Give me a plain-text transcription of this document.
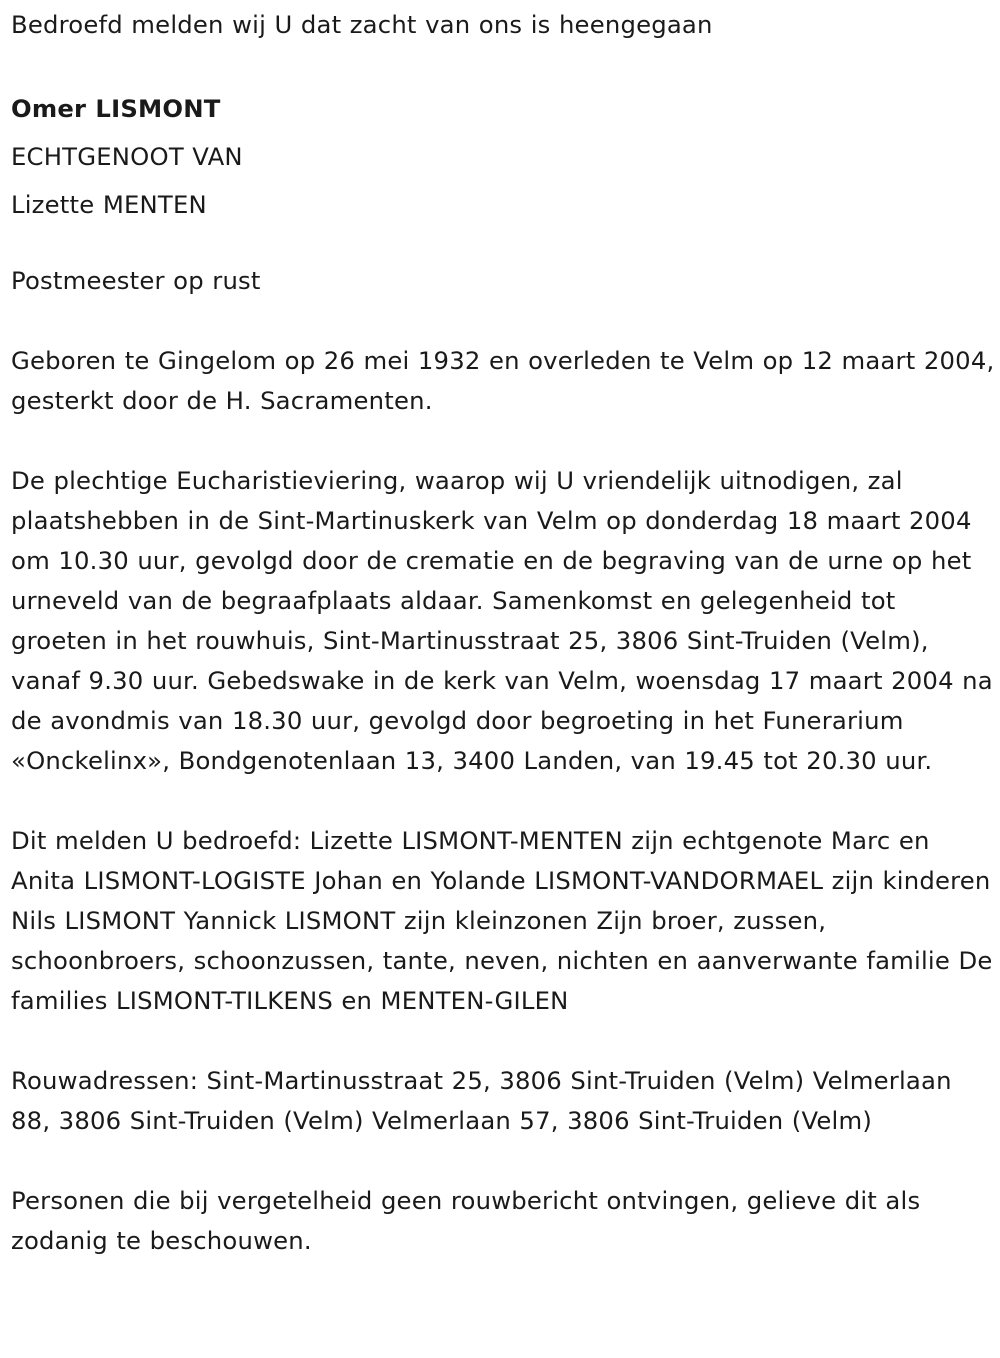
Bedroefd melden wij U dat zacht van ons is heengegaan

Omer LISMONT

ECHTGENOOT VAN

Lizette MENTEN

Postmeester op rust

Geboren te Gingelom op 26 mei 1932 en overleden te Velm op 12 maart 2004, gesterkt door de H. Sacramenten.

De plechtige Eucharistieviering, waarop wij U vriendelijk uitnodigen, zal plaatshebben in de Sint-Martinuskerk van Velm op donderdag 18 maart 2004 om 10.30 uur, gevolgd door de crematie en de begraving van de urne op het urneveld van de begraafplaats aldaar. Samenkomst en gelegenheid tot groeten in het rouwhuis, Sint-Martinusstraat 25, 3806 Sint-Truiden (Velm), vanaf 9.30 uur. Gebedswake in de kerk van Velm, woensdag 17 maart 2004 na de avondmis van 18.30 uur, gevolgd door begroeting in het Funerarium «Onckelinx», Bondgenotenlaan 13, 3400 Landen, van 19.45 tot 20.30 uur.

Dit melden U bedroefd: Lizette LISMONT-MENTEN zijn echtgenote Marc en Anita LISMONT-LOGISTE Johan en Yolande LISMONT-VANDORMAEL zijn kinderen Nils LISMONT Yannick LISMONT zijn kleinzonen Zijn broer, zussen, schoonbroers, schoonzussen, tante, neven, nichten en aanverwante familie De families LISMONT-TILKENS en MENTEN-GILEN

Rouwadressen: Sint-Martinusstraat 25, 3806 Sint-Truiden (Velm) Velmerlaan 88, 3806 Sint-Truiden (Velm) Velmerlaan 57, 3806 Sint-Truiden (Velm)

Personen die bij vergetelheid geen rouwbericht ontvingen, gelieve dit als zodanig te beschouwen.
